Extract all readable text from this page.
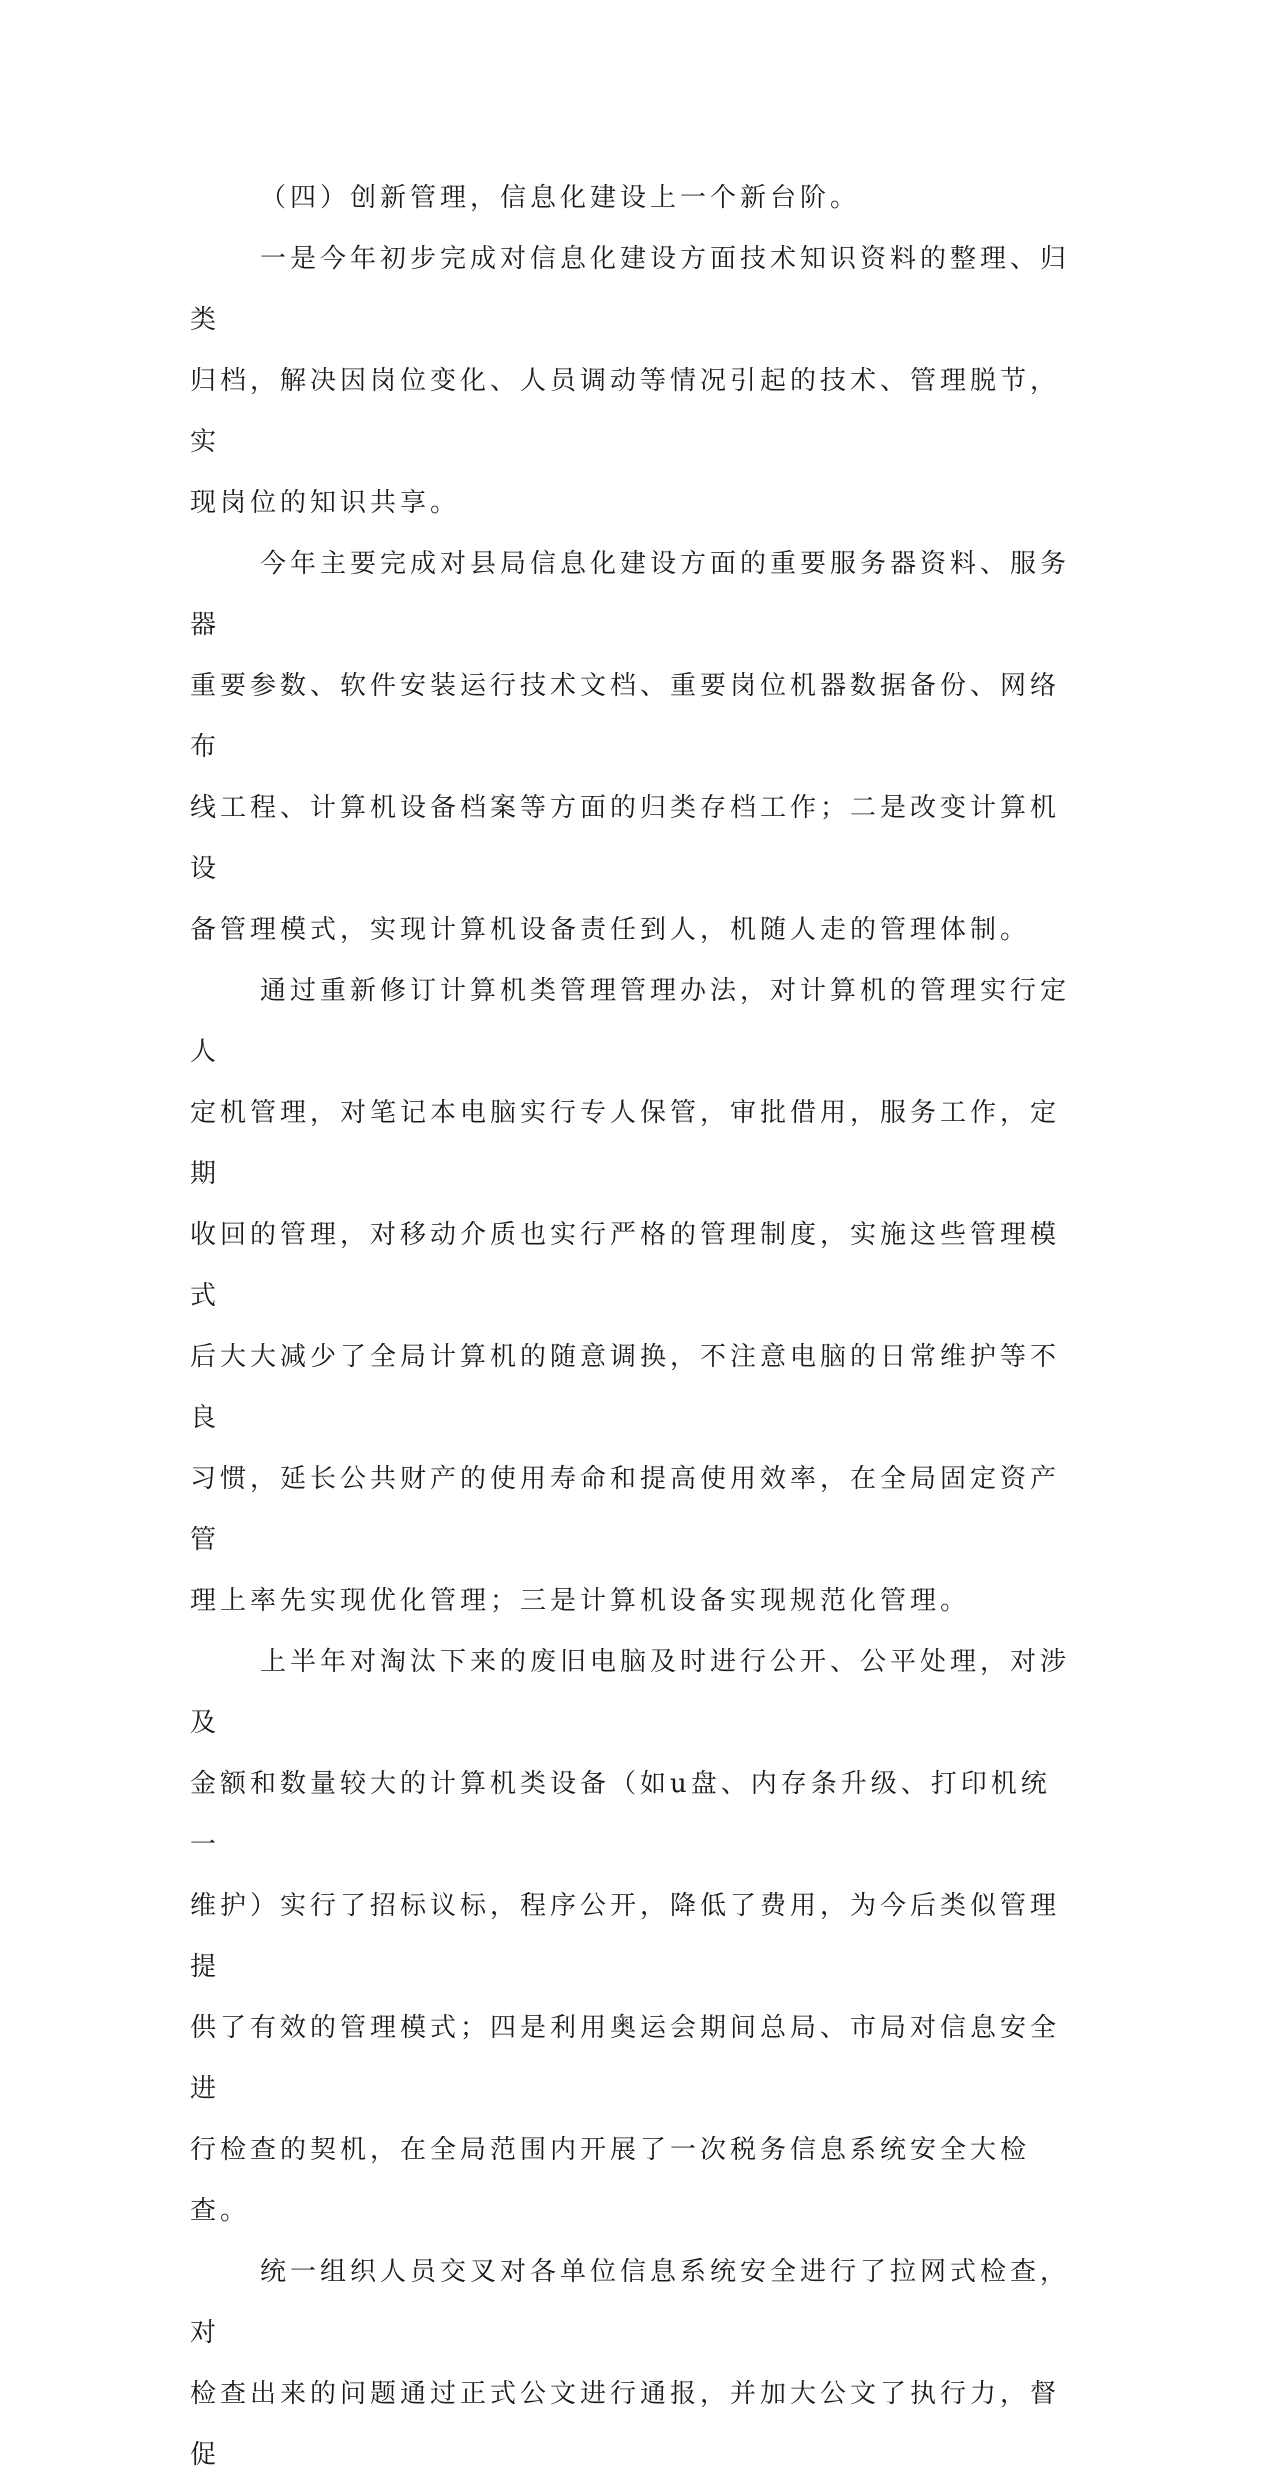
（四）创新管理，信息化建设上一个新台阶。

一是今年初步完成对信息化建设方面技术知识资料的整理、归类
归档，解决因岗位变化、人员调动等情况引起的技术、管理脱节，实
现岗位的知识共享。

今年主要完成对县局信息化建设方面的重要服务器资料、服务器
重要参数、软件安装运行技术文档、重要岗位机器数据备份、网络布
线工程、计算机设备档案等方面的归类存档工作；二是改变计算机设
备管理模式，实现计算机设备责任到人，机随人走的管理体制。

通过重新修订计算机类管理管理办法，对计算机的管理实行定人
定机管理，对笔记本电脑实行专人保管，审批借用，服务工作，定期
收回的管理，对移动介质也实行严格的管理制度，实施这些管理模式
后大大减少了全局计算机的随意调换，不注意电脑的日常维护等不良
习惯，延长公共财产的使用寿命和提高使用效率，在全局固定资产管
理上率先实现优化管理；三是计算机设备实现规范化管理。

上半年对淘汰下来的废旧电脑及时进行公开、公平处理，对涉及
金额和数量较大的计算机类设备（如u盘、内存条升级、打印机统一
维护）实行了招标议标，程序公开，降低了费用，为今后类似管理提
供了有效的管理模式；四是利用奥运会期间总局、市局对信息安全进
行检查的契机，在全局范围内开展了一次税务信息系统安全大检查。

统一组织人员交叉对各单位信息系统安全进行了拉网式检查，对
检查出来的问题通过正式公文进行通报，并加大公文了执行力，督促
